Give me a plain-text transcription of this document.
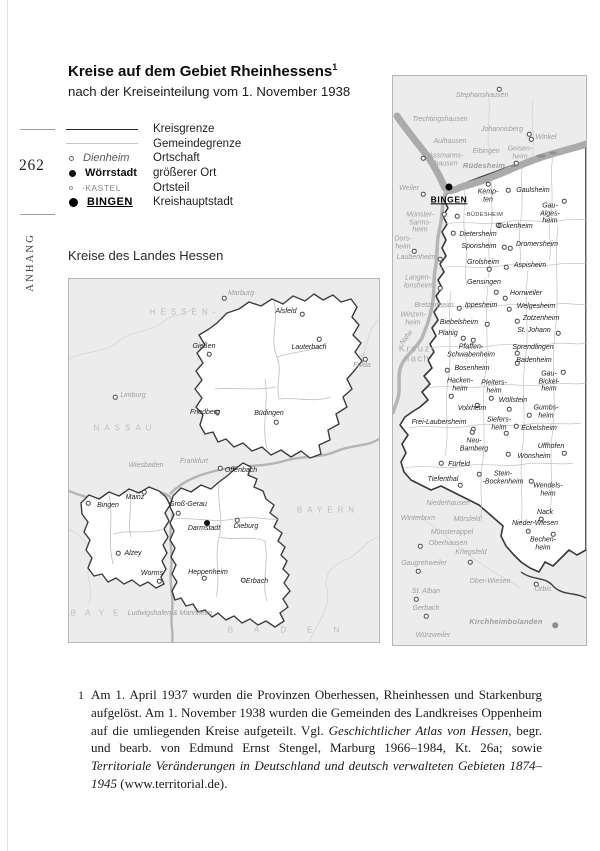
262
ANHANG
Kreise auf dem Gebiet Rheinhessens$^1$
nach der Kreiseinteilung vom 1. November 1938
Kreisgrenze
Gemeindegrenze
Dienheim Ortschaft
Wörrstadt größerer Ort
-KASTEL	Ortsteil
BINGEN Kreishauptstadt
Kreise des Landes Hessen
HESSEN-
NASSAU
BAYERN
BAYE
BADEN
Marburg
Fulda
Limburg
Wiesbaden
Frankfurt
Ludwigshafen & Mannheim
Alsfeld
Gießen	Lauterbach
Friedberg	Büdingen
Offenbach
Mainz
Bingen	Groß-Gerau
Darmstadt Dieburg
Alzey
Worms	Heppenheim
Erbach
Stephanshausen
Trechtingshausen
Johannisberg
Winkel
Aulhausen
Assmanns-
hausen
Eibingen Geisen-
heim
Rüdesheim
Weiler
Münster-
Sarms-
heim
Dors-
heim
Laubenheim
Langen-
lonsheim
Bretzenheim
Winzen-
heim
Nahe
Kreuz-
nach
Niederhausen
Winterborn	Mörsfeld
Münsterappel
Oberhausen
Kriegsfeld
Gaugrehweiler
Ober-Wiesen
St. Alban	Orbis
Gerbach
Kirchheimbolanden
Würzweiler
BINGEN
Kemp-
ten
Gaulsheim
Gau-
Alges-
heim
-BÜDESHEIM
Ockenheim
Dietersheim
Sponsheim	Dromersheim
Grolsheim Aspisheim
Gensingen
Horrweiler
Ippesheim	Welgesheim
Zotzenheim
Biebelsheim
St. Johann
Planig
Pfaffen-
Schwabenheim
Sprendlingen
Badenheim
Bosenheim
Hacken-
heim
Pleiters-
heim
Gau-
Bickel-
heim
Wöllstein
Volxheim	Gumbs-
heim
Frei-Laubersheim	Siefers-
heim	Eckelsheim
Neu-
Bamberg	Uffhofen
Wonsheim
Fürfeld
Stein-
-Bockenheim
Tiefenthal
Wendels-
heim
Nack
Nieder-Wiesen
Bechen-
heim
1 Am 1. April 1937 wurden die Provinzen Oberhessen, Rheinhessen und Starkenburg aufgelöst. Am 1. November 1938 wurden die Gemeinden des Landkreises Oppenheim auf die umliegenden Kreise aufgeteilt. Vgl. Geschichtlicher Atlas von Hessen, begr. und bearb. von Edmund Ernst Stengel, Marburg 1966–1984, Kt. 26a; sowie Territoriale Veränderungen in Deutschland und deutsch verwalteten Gebieten 1874–1945 (www.territorial.de).
